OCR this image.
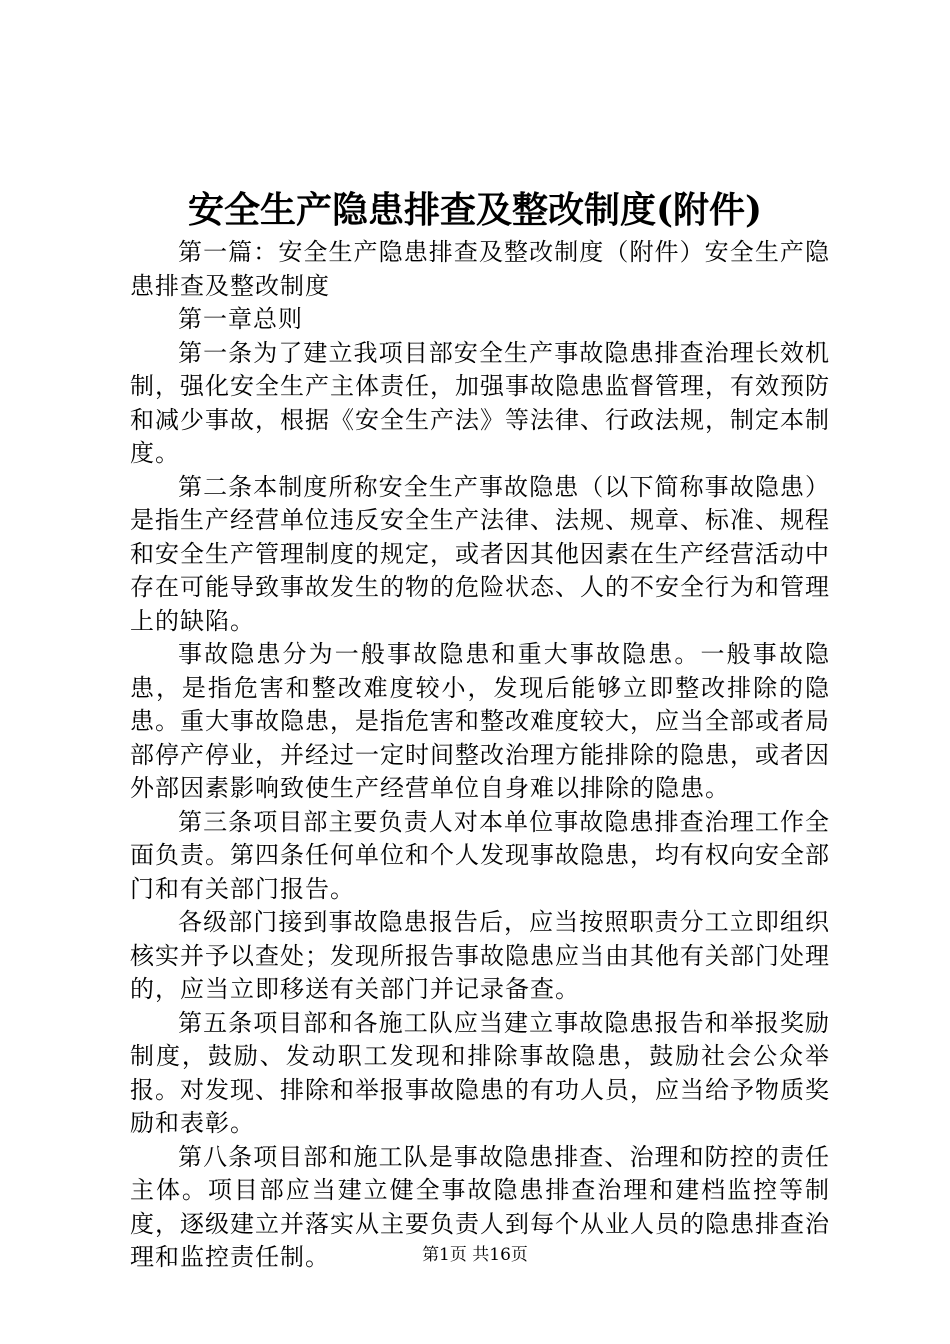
安全生产隐患排查及整改制度(附件)

第一篇：安全生产隐患排查及整改制度（附件）安全生产隐患排查及整改制度

第一章总则

第一条为了建立我项目部安全生产事故隐患排查治理长效机制，强化安全生产主体责任，加强事故隐患监督管理，有效预防和减少事故，根据《安全生产法》等法律、行政法规，制定本制度。

第二条本制度所称安全生产事故隐患（以下简称事故隐患）是指生产经营单位违反安全生产法律、法规、规章、标准、规程和安全生产管理制度的规定，或者因其他因素在生产经营活动中存在可能导致事故发生的物的危险状态、人的不安全行为和管理上的缺陷。

事故隐患分为一般事故隐患和重大事故隐患。一般事故隐患，是指危害和整改难度较小，发现后能够立即整改排除的隐患。重大事故隐患，是指危害和整改难度较大，应当全部或者局部停产停业，并经过一定时间整改治理方能排除的隐患，或者因外部因素影响致使生产经营单位自身难以排除的隐患。

第三条项目部主要负责人对本单位事故隐患排查治理工作全面负责。第四条任何单位和个人发现事故隐患，均有权向安全部门和有关部门报告。

各级部门接到事故隐患报告后，应当按照职责分工立即组织核实并予以查处；发现所报告事故隐患应当由其他有关部门处理的，应当立即移送有关部门并记录备查。

第五条项目部和各施工队应当建立事故隐患报告和举报奖励制度，鼓励、发动职工发现和排除事故隐患，鼓励社会公众举报。对发现、排除和举报事故隐患的有功人员，应当给予物质奖励和表彰。

第八条项目部和施工队是事故隐患排查、治理和防控的责任主体。项目部应当建立健全事故隐患排查治理和建档监控等制度，逐级建立并落实从主要负责人到每个从业人员的隐患排查治理和监控责任制。	第1页 共16页
